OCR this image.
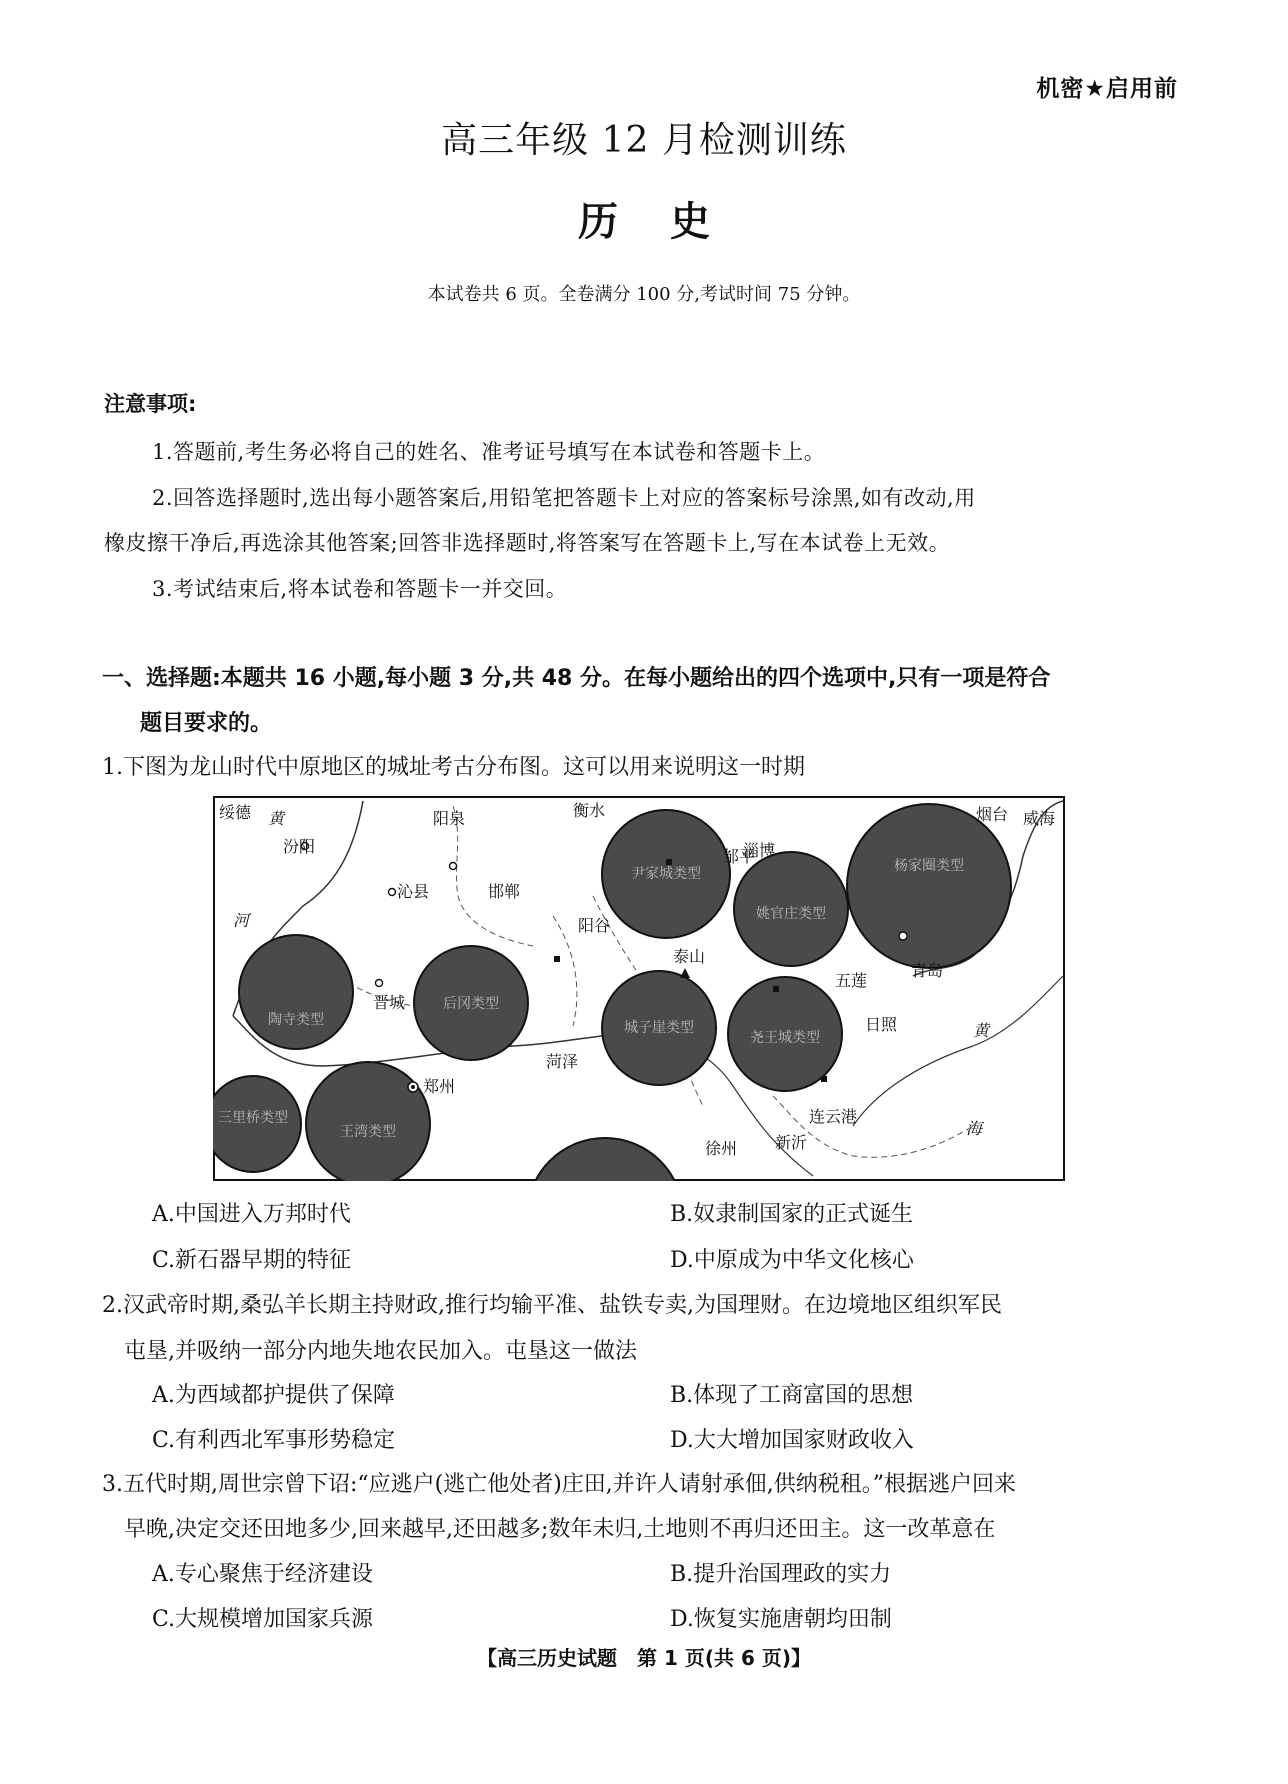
机密★启用前
高三年级 12 月检测训练
历 史
本试卷共 6 页。全卷满分 100 分,考试时间 75 分钟。
注意事项:
1.答题前,考生务必将自己的姓名、准考证号填写在本试卷和答题卡上。
2.回答选择题时,选出每小题答案后,用铅笔把答题卡上对应的答案标号涂黑,如有改动,用
橡皮擦干净后,再选涂其他答案;回答非选择题时,将答案写在答题卡上,写在本试卷上无效。
3.考试结束后,将本试卷和答题卡一并交回。
一、选择题:本题共 16 小题,每小题 3 分,共 48 分。在每小题给出的四个选项中,只有一项是符合
题目要求的。
1.下图为龙山时代中原地区的城址考古分布图。这可以用来说明这一时期
陶寺类型
后冈类型
王湾类型
三里桥类型
城子崖类型
尧王城类型
杨家圈类型
姚官庄类型
尹家城类型
绥德 黄	阳泉	衡水
汾阳
沁县	邯郸
河
晋城
阳谷
泰山
菏泽
郑州
徐州 新沂
连云港
日照
五莲
青岛
烟台 威海
淄博
邹平
黄
海
A.中国进入万邦时代	B.奴隶制国家的正式诞生
C.新石器早期的特征	D.中原成为中华文化核心
2.汉武帝时期,桑弘羊长期主持财政,推行均输平准、盐铁专卖,为国理财。在边境地区组织军民
屯垦,并吸纳一部分内地失地农民加入。屯垦这一做法
A.为西域都护提供了保障	B.体现了工商富国的思想
C.有利西北军事形势稳定	D.大大增加国家财政收入
3.五代时期,周世宗曾下诏:“应逃户(逃亡他处者)庄田,并许人请射承佃,供纳税租。”根据逃户回来
早晚,决定交还田地多少,回来越早,还田越多;数年未归,土地则不再归还田主。这一改革意在
A.专心聚焦于经济建设	B.提升治国理政的实力
C.大规模增加国家兵源	D.恢复实施唐朝均田制
【高三历史试题　第 1 页(共 6 页)】
